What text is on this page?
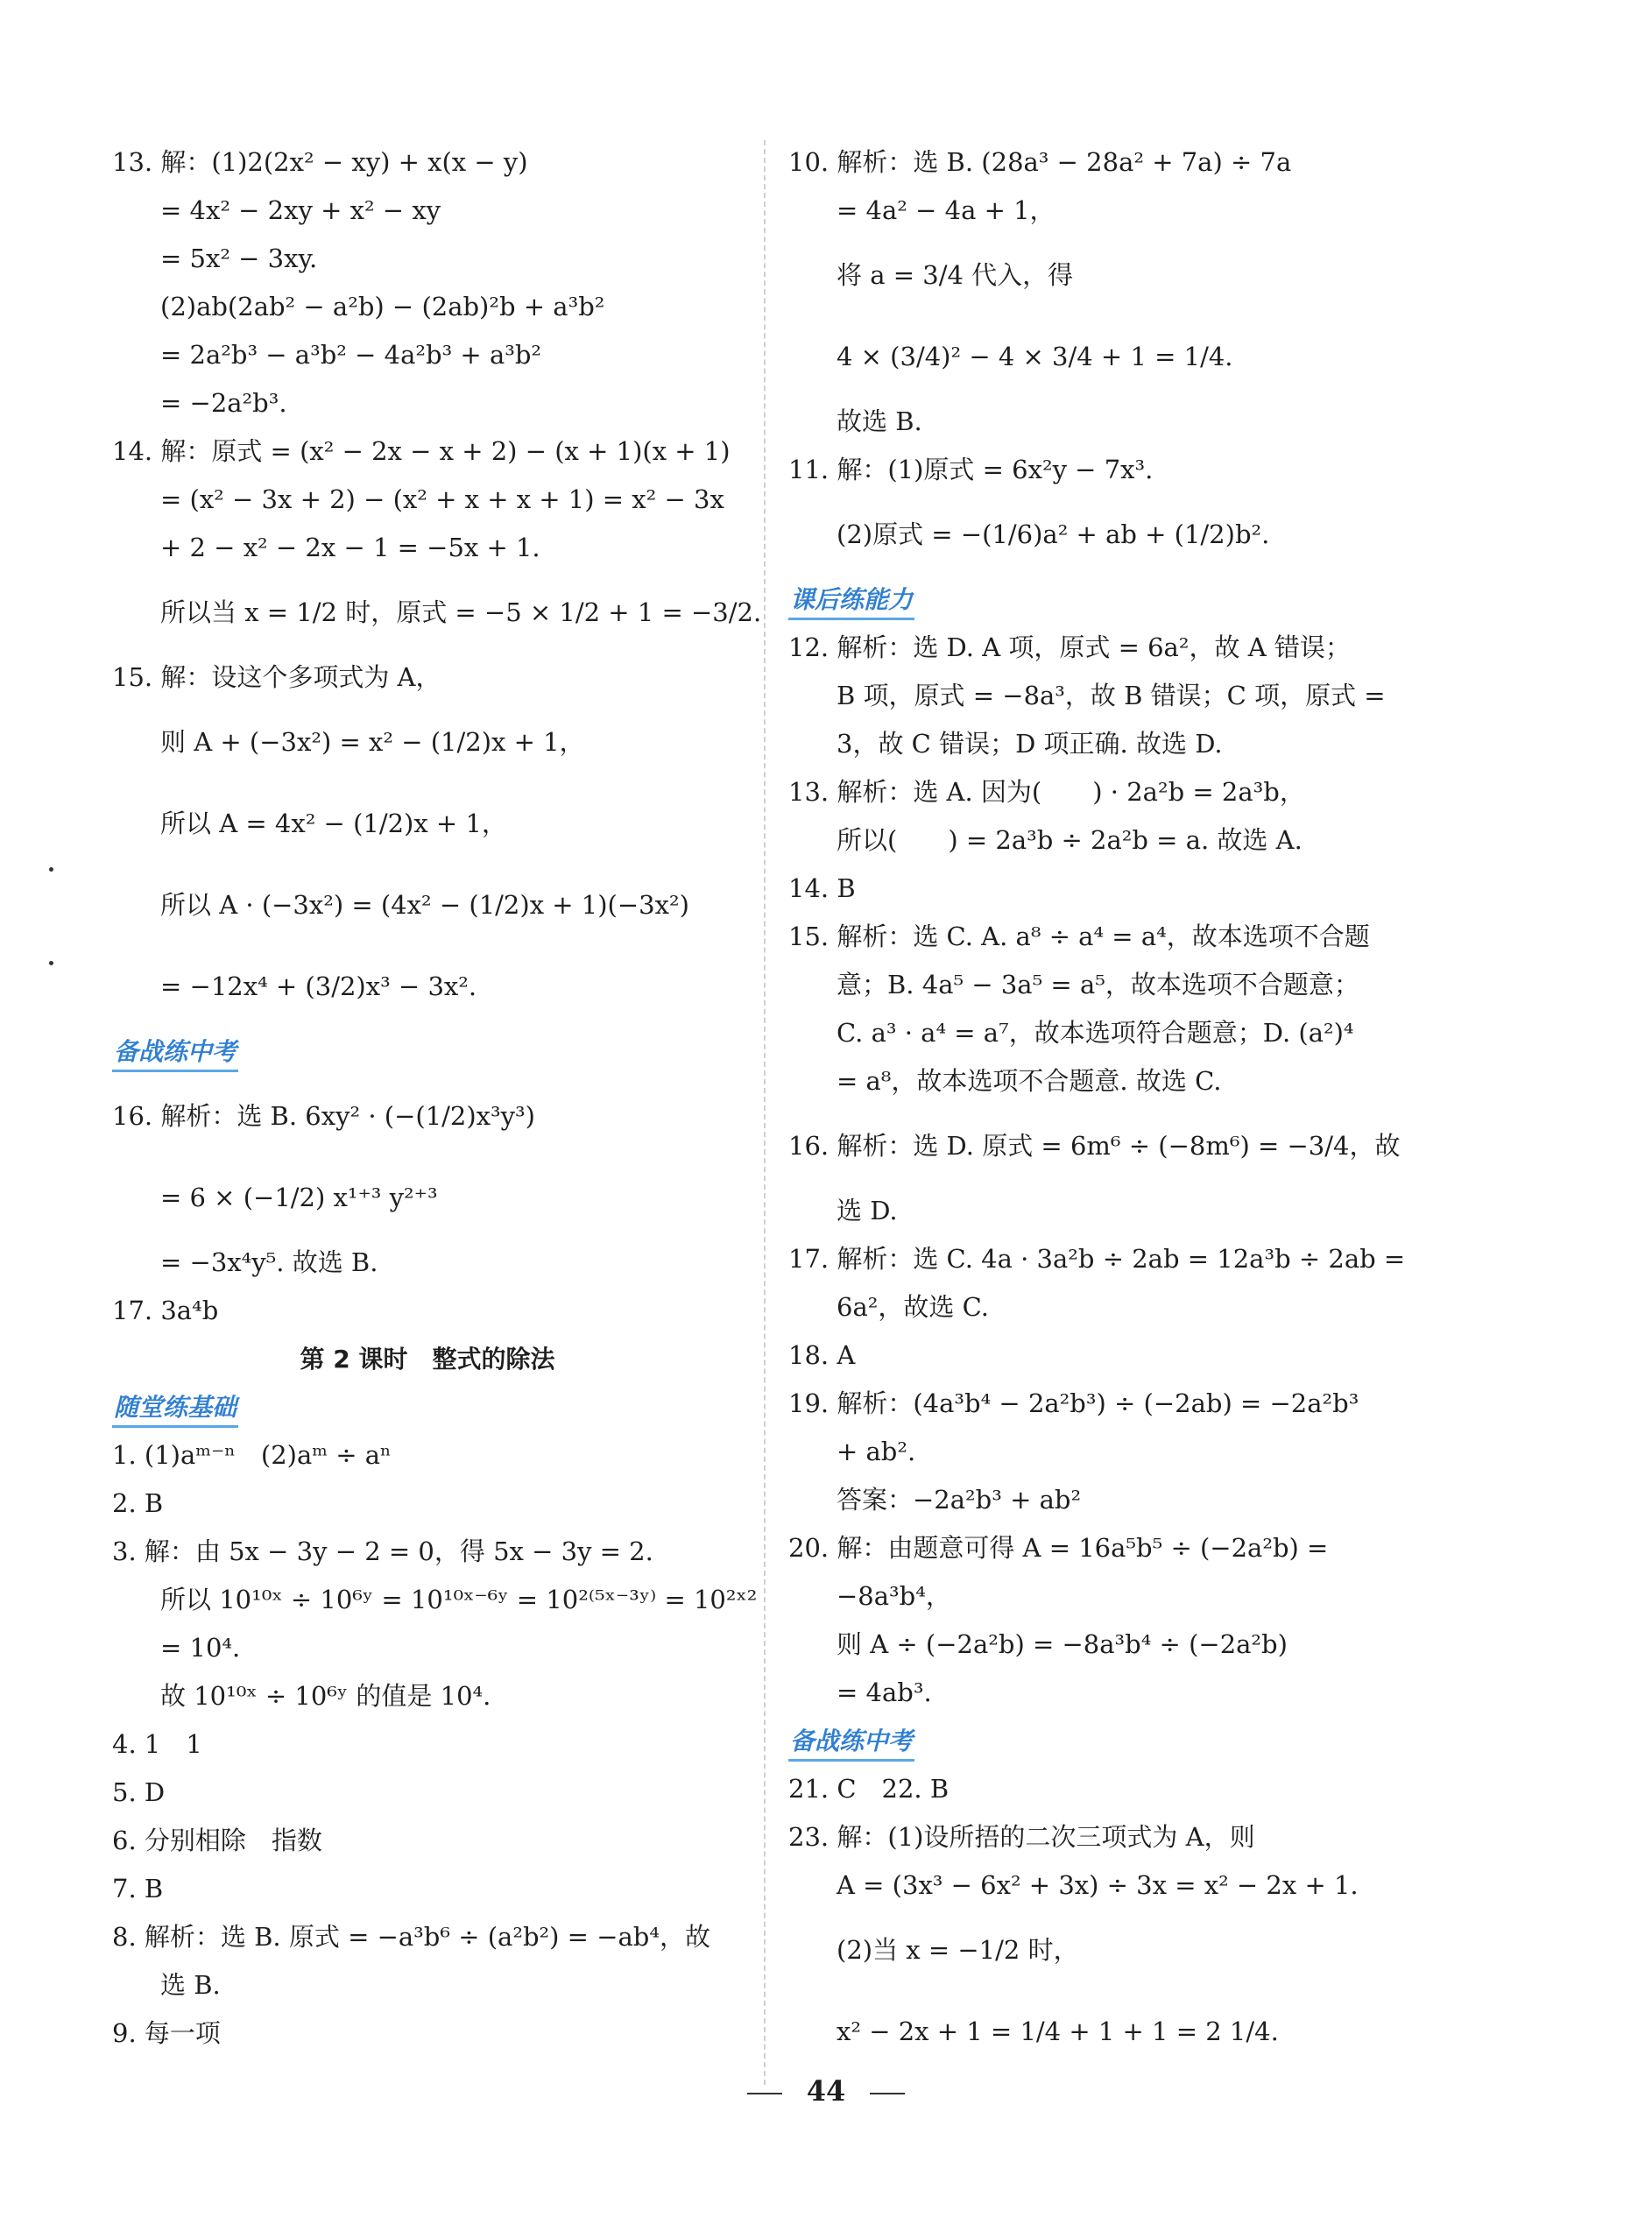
13. 解：(1)2(2x² − xy) + x(x − y)
= 4x² − 2xy + x² − xy
= 5x² − 3xy.
(2)ab(2ab² − a²b) − (2ab)²b + a³b²
= 2a²b³ − a³b² − 4a²b³ + a³b²
= −2a²b³.
14. 解：原式 = (x² − 2x − x + 2) − (x + 1)(x + 1)
= (x² − 3x + 2) − (x² + x + x + 1) = x² − 3x
+ 2 − x² − 2x − 1 = −5x + 1.
所以当 x = 1/2 时，原式 = −5 × 1/2 + 1 = −3/2.
15. 解：设这个多项式为 A，
则 A + (−3x²) = x² − (1/2)x + 1，
所以 A = 4x² − (1/2)x + 1，
所以 A · (−3x²) = (4x² − (1/2)x + 1)(−3x²)
= −12x⁴ + (3/2)x³ − 3x².
备战练中考
16. 解析：选 B. 6xy² · (−(1/2)x³y³)
= 6 × (−1/2) x¹⁺³ y²⁺³
= −3x⁴y⁵. 故选 B.
17. 3a⁴b
第 2 课时　整式的除法
随堂练基础
1. (1)aᵐ⁻ⁿ　(2)aᵐ ÷ aⁿ
2. B
3. 解：由 5x − 3y − 2 = 0，得 5x − 3y = 2.
所以 10¹⁰ˣ ÷ 10⁶ʸ = 10¹⁰ˣ⁻⁶ʸ = 10²⁽⁵ˣ⁻³ʸ⁾ = 10²ˣ²
= 10⁴.
故 10¹⁰ˣ ÷ 10⁶ʸ 的值是 10⁴.
4. 1　1
5. D
6. 分别相除　指数
7. B
8. 解析：选 B. 原式 = −a³b⁶ ÷ (a²b²) = −ab⁴，故
选 B.
9. 每一项
10. 解析：选 B. (28a³ − 28a² + 7a) ÷ 7a
= 4a² − 4a + 1，
将 a = 3/4 代入，得
4 × (3/4)² − 4 × 3/4 + 1 = 1/4.
故选 B.
11. 解：(1)原式 = 6x²y − 7x³.
(2)原式 = −(1/6)a² + ab + (1/2)b².
课后练能力
12. 解析：选 D. A 项，原式 = 6a²，故 A 错误；
B 项，原式 = −8a³，故 B 错误；C 项，原式 =
3，故 C 错误；D 项正确. 故选 D.
13. 解析：选 A. 因为(　　) · 2a²b = 2a³b，
所以(　　) = 2a³b ÷ 2a²b = a. 故选 A.
14. B
15. 解析：选 C. A. a⁸ ÷ a⁴ = a⁴，故本选项不合题
意；B. 4a⁵ − 3a⁵ = a⁵，故本选项不合题意；
C. a³ · a⁴ = a⁷，故本选项符合题意；D. (a²)⁴
= a⁸，故本选项不合题意. 故选 C.
16. 解析：选 D. 原式 = 6m⁶ ÷ (−8m⁶) = −3/4，故
选 D.
17. 解析：选 C. 4a · 3a²b ÷ 2ab = 12a³b ÷ 2ab =
6a²，故选 C.
18. A
19. 解析：(4a³b⁴ − 2a²b³) ÷ (−2ab) = −2a²b³
+ ab².
答案：−2a²b³ + ab²
20. 解：由题意可得 A = 16a⁵b⁵ ÷ (−2a²b) =
−8a³b⁴，
则 A ÷ (−2a²b) = −8a³b⁴ ÷ (−2a²b)
= 4ab³.
备战练中考
21. C　22. B
23. 解：(1)设所捂的二次三项式为 A，则
A = (3x³ − 6x² + 3x) ÷ 3x = x² − 2x + 1.
(2)当 x = −1/2 时，
x² − 2x + 1 = 1/4 + 1 + 1 = 2 1/4.
44
